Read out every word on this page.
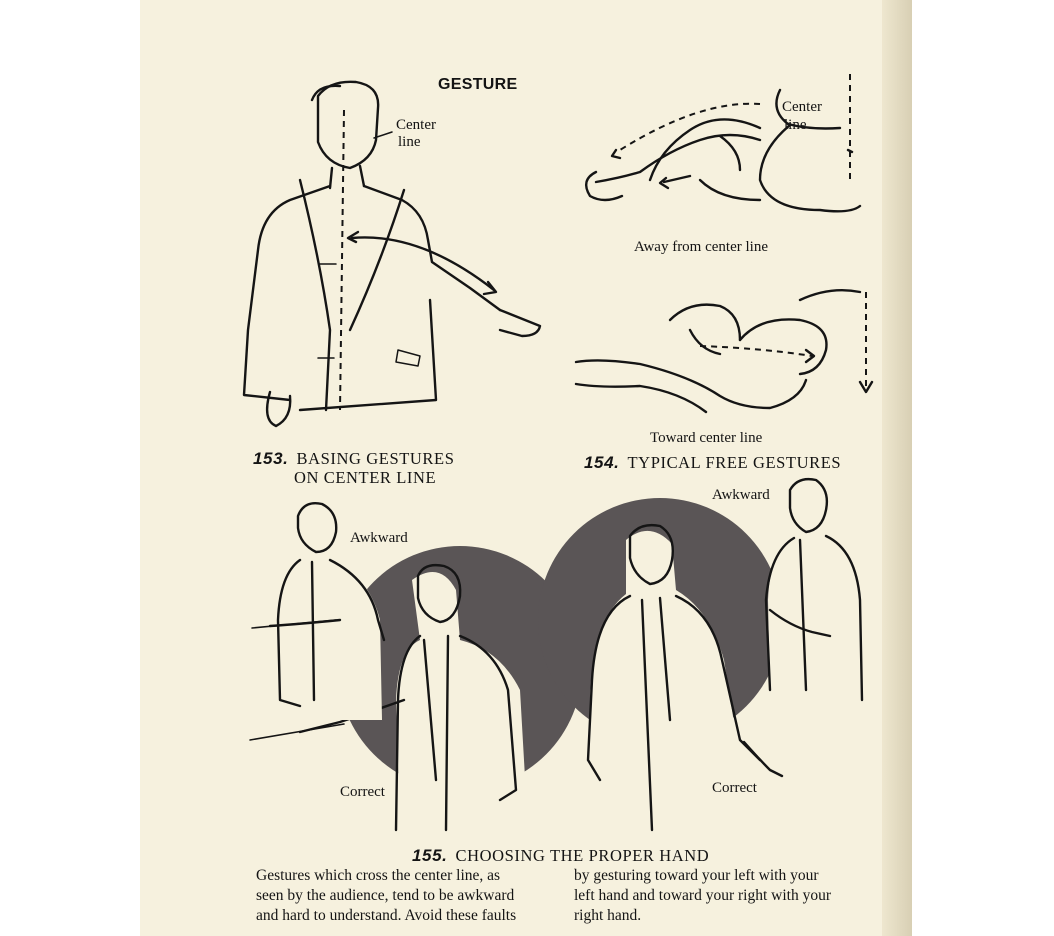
GESTURE
Center
line
153. BASING GESTURES
ON CENTER LINE
Center
line
Away from center line
Toward center line
154. TYPICAL FREE GESTURES
Awkward
Correct
Awkward
Correct
155. CHOOSING THE PROPER HAND
Gestures which cross the center line, as
seen by the audience, tend to be awkward
and hard to understand. Avoid these faults
by gesturing toward your left with your
left hand and toward your right with your
right hand.
